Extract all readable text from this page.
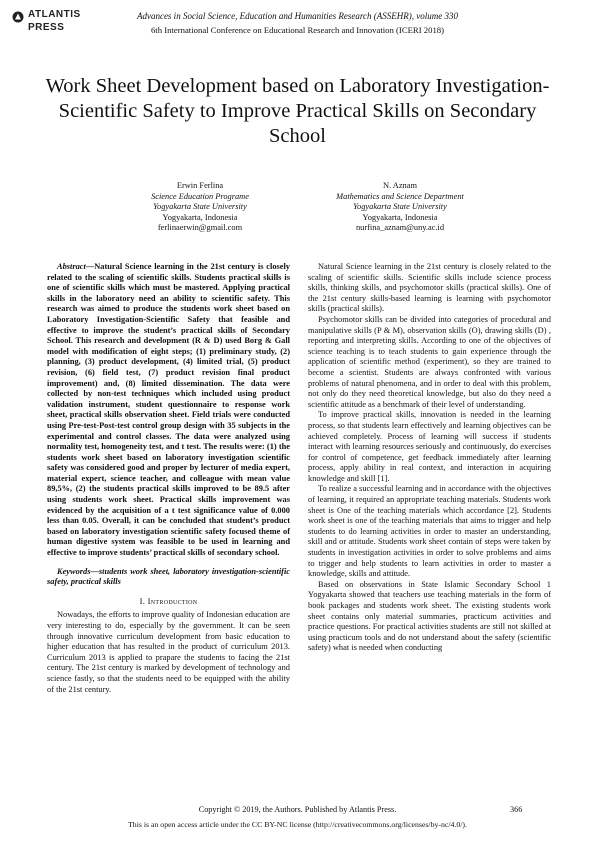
ATLANTIS
PRESS
Advances in Social Science, Education and Humanities Research (ASSEHR), volume 330
6th International Conference on Educational Research and Innovation (ICERI 2018)
Work Sheet Development based on Laboratory Investigation-Scientific Safety to Improve Practical Skills on Secondary School
Erwin Ferlina
Science Education Programe
Yogyakarta State University
Yogyakarta, Indonesia
ferlinaerwin@gmail.com
N. Aznam
Mathematics and Science Department
Yogyakarta State University
Yogyakarta, Indonesia
nurfina_aznam@uny.ac.id

Abstract—Natural Science learning in the 21st century is closely related to the scaling of scientific skills. Students practical skills is one of scientific skills which must be mastered. Applying practical skills in the laboratory need an ability to scientific safety. This research was aimed to produce the students work sheet based on Laboratory Investigation-Scientific Safety that feasible and effective to improve the student’s practical skills of Secondary School. This research and development (R & D) used Borg & Gall model with modification of eight steps; (1) preliminary study, (2) planning, (3) product development, (4) limited trial, (5) product revision, (6) field test, (7) product revision final product improvement) and, (8) limited dissemination. The data were collected by non-test techniques which included using product validation instrument, student questionnaire to response work sheet, practical skills observation sheet. Field trials were conducted using Pre-test-Post-test control group design with 35 subjects in the experimental and control classes. The data were analyzed using normality test, homogeneity test, and t test. The results were: (1) the students work sheet based on laboratory investigation scientific safety was considered good and proper by lecturer of media expert, material expert, science teacher, and colleague with mean value 89,5%, (2) the students practical skills improved to be 89.5 after using students work sheet. Practical skills improvement was evidenced by the acquisition of a t test significance value of 0.000 less than 0.05. Overall, it can be concluded that student’s product based on laboratory investigation scientific safety focused theme of human digestive system was feasible to be used in learning and effective to improve students’ practical skills of secondary school.

Keywords—students work sheet, laboratory investigation-scientific safety, practical skills

I. Introduction

Nowadays, the efforts to improve quality of Indonesian education are very interesting to do, especially by the government. It can be seen through innovative curriculum development from basic education to higher education that has resulted in the product of curriculum 2013. Curriculum 2013 is applied to prapare the students to facing the 21st century. The 21st century is marked by development of technology and science fastly, so that the students need to be equipped with the ability of the 21st century.

Natural Science learning in the 21st century is closely related to the scaling of scientific skills. Scientific skills include science process skills, thinking skills, and psychomotor skills (practical skills). One of the 21st century skills-based learning is learning with psychomotor skills (practical skills).

Psychomotor skills can be divided into categories of procedural and manipulative skills (P & M), observation skills (O), drawing skills (D) , reporting and interpreting skills. According to one of the objectives of science teaching is to teach students to gain experience through the application of scientific method (experiment), so they are trained to become a scientist. Students are always confronted with various problems of natural phenomena, and in order to deal with this problem, not only do they need theoretical knowledge, but also do they need a scientific attitude as a benchmark of their level of understanding.

To improve practical skills, innovation is needed in the learning process, so that students learn effectively and learning objectives can be achieved completely. Process of learning will success if students interact with learning resources seriously and continuously, do exercises for control of competence, get feedback immediately after learning process, apply ability in real context, and interaction in acquiring knowledge and skill [1].

To realize a successful learning and in accordance with the objectives of learning, it required an appropriate teaching materials. Students work sheet is One of the teaching materials which accordance [2]. Students work sheet is one of the teaching materials that aims to trigger and help students to do learning activities in order to master an understanding, skill and or attitude. Students work sheet contain of steps were taken by students in investigation activities in order to solve problems and aims to trigger and help students to learn activities in order to master a knowledge, skills and attitude.

Based on observations in State Islamic Secondary School 1 Yogyakarta showed that teachers use teaching materials in the form of book packages and students work sheet. The existing students work sheet contains only material summaries, practicum activities and practice questions. For practical activities students are still not skilled at using practicum tools and do not understand about the safety (scientific safety) what is needed when conducting

Copyright © 2019, the Authors. Published by Atlantis Press.	366
This is an open access article under the CC BY-NC license (http://creativecommons.org/licenses/by-nc/4.0/).
